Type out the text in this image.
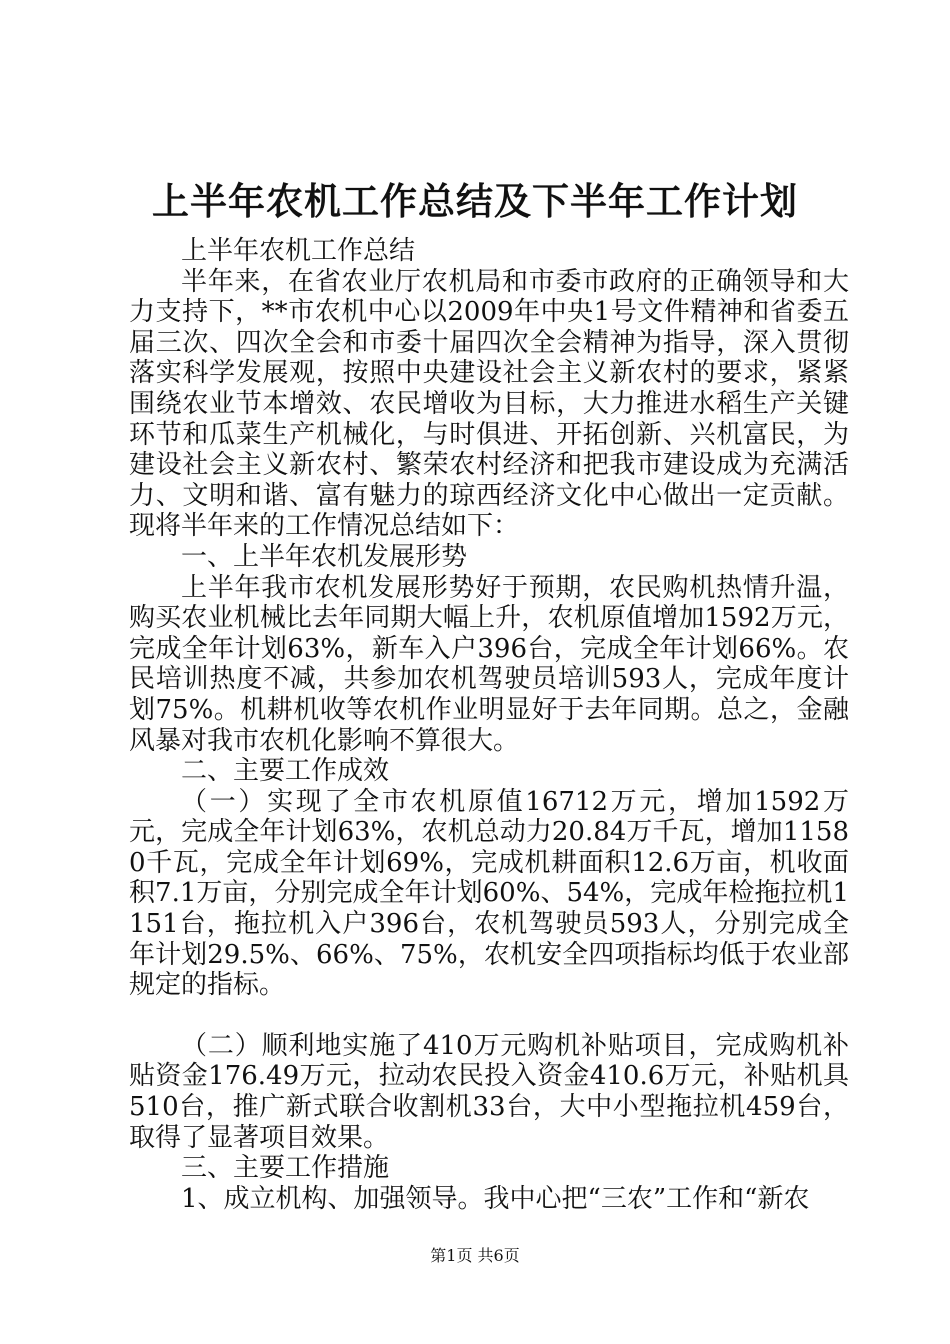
上半年农机工作总结及下半年工作计划

上半年农机工作总结

半年来，在省农业厅农机局和市委市政府的正确领导和大力支持下，**市农机中心以2009年中央1号文件精神和省委五届三次、四次全会和市委十届四次全会精神为指导，深入贯彻落实科学发展观，按照中央建设社会主义新农村的要求，紧紧围绕农业节本增效、农民增收为目标，大力推进水稻生产关键环节和瓜菜生产机械化，与时俱进、开拓创新、兴机富民，为建设社会主义新农村、繁荣农村经济和把我市建设成为充满活力、文明和谐、富有魅力的琼西经济文化中心做出一定贡献。现将半年来的工作情况总结如下：

一、上半年农机发展形势

上半年我市农机发展形势好于预期，农民购机热情升温，购买农业机械比去年同期大幅上升，农机原值增加1592万元，完成全年计划63%，新车入户396台，完成全年计划66%。农民培训热度不减，共参加农机驾驶员培训593人，完成年度计划75%。机耕机收等农机作业明显好于去年同期。总之，金融风暴对我市农机化影响不算很大。

二、主要工作成效

（一）实现了全市农机原值16712万元，增加1592万元，完成全年计划63%，农机总动力20.84万千瓦，增加11580千瓦，完成全年计划69%，完成机耕面积12.6万亩，机收面积7.1万亩，分别完成全年计划60%、54%，完成年检拖拉机1151台，拖拉机入户396台，农机驾驶员593人，分别完成全年计划29.5%、66%、75%，农机安全四项指标均低于农业部规定的指标。

（二）顺利地实施了410万元购机补贴项目，完成购机补贴资金176.49万元，拉动农民投入资金410.6万元，补贴机具510台，推广新式联合收割机33台，大中小型拖拉机459台，取得了显著项目效果。

三、主要工作措施

1、成立机构、加强领导。我中心把“三农”工作和“新农

第1页 共6页
